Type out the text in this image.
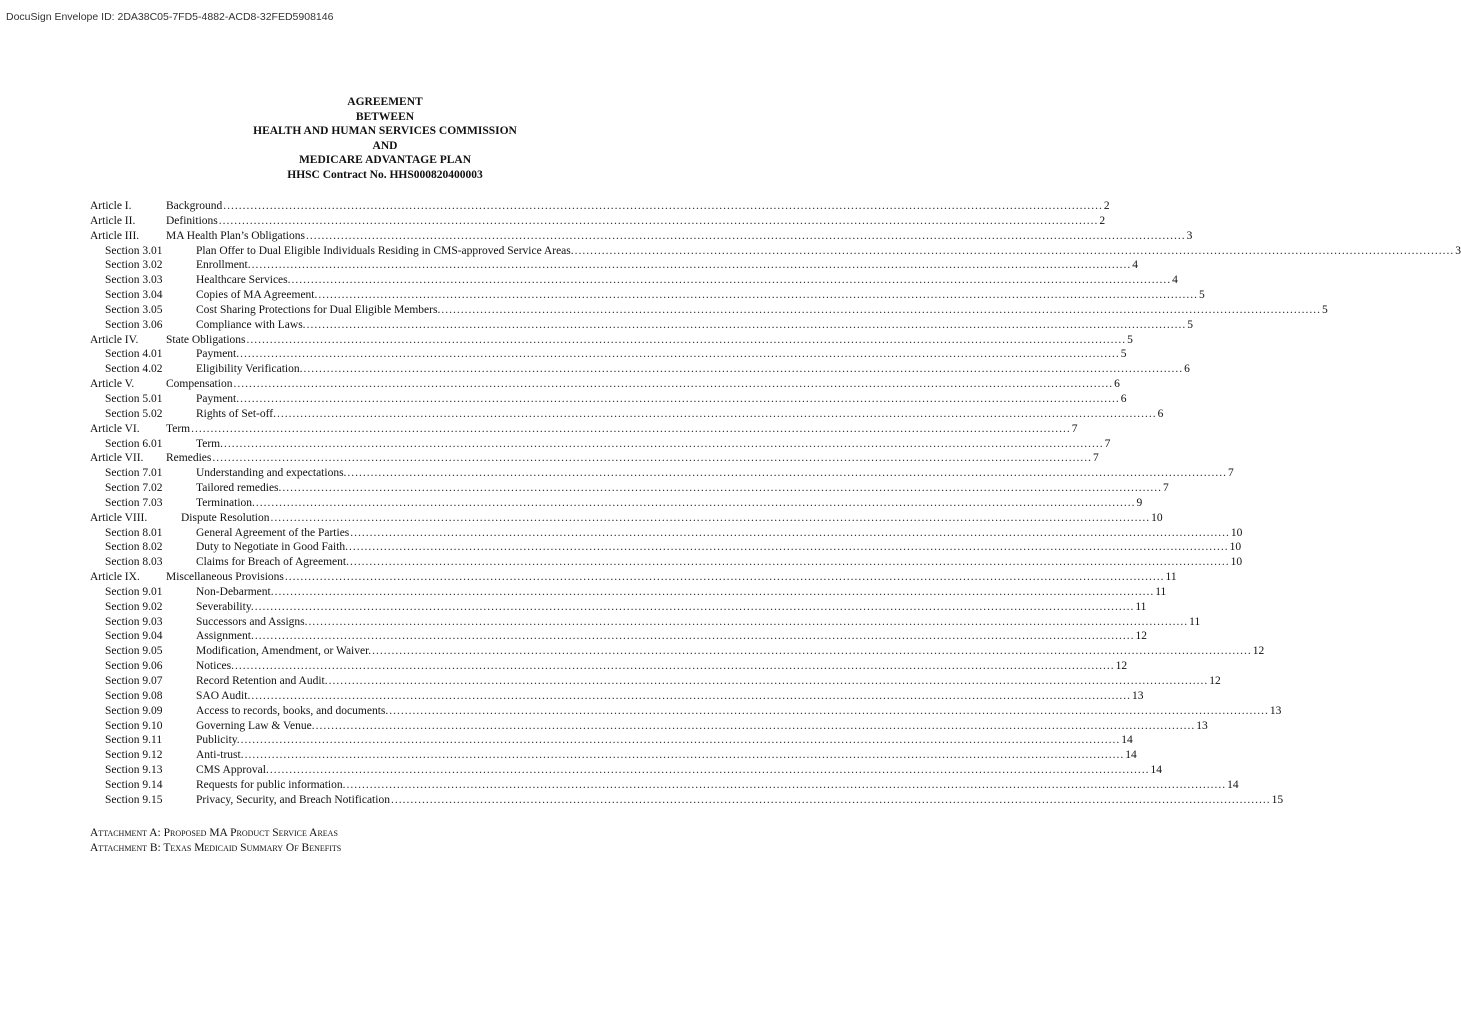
DocuSign Envelope ID: 2DA38C05-7FD5-4882-ACD8-32FED5908146
AGREEMENT
BETWEEN
HEALTH AND HUMAN SERVICES COMMISSION
AND
MEDICARE ADVANTAGE PLAN
HHSC Contract No. HHS000820400003
Article I.	Background .....	2
Article II.	Definitions .....	2
Article III.	MA Health Plan’s Obligations .....	3
Section 3.01	Plan Offer to Dual Eligible Individuals Residing in CMS-approved Service Areas. .....	3
Section 3.02	Enrollment. .....	4
Section 3.03	Healthcare Services. .....	4
Section 3.04	Copies of MA Agreement. .....	5
Section 3.05	Cost Sharing Protections for Dual Eligible Members. .....	5
Section 3.06	Compliance with Laws. .....	5
Article IV.	State Obligations .....	5
Section 4.01	Payment. .....	5
Section 4.02	Eligibility Verification. .....	6
Article V.	Compensation .....	6
Section 5.01	Payment. .....	6
Section 5.02	Rights of Set-off. .....	6
Article VI.	Term .....	7
Section 6.01	Term. .....	7
Article VII.	Remedies .....	7
Section 7.01	Understanding and expectations. .....	7
Section 7.02	Tailored remedies. .....	7
Section 7.03	Termination. .....	9
Article VIII.	Dispute Resolution .....	10
Section 8.01	General Agreement of the Parties .....	10
Section 8.02	Duty to Negotiate in Good Faith. .....	10
Section 8.03	Claims for Breach of Agreement. .....	10
Article IX.	Miscellaneous Provisions .....	11
Section 9.01	Non-Debarment. .....	11
Section 9.02	Severability. .....	11
Section 9.03	Successors and Assigns. .....	11
Section 9.04	Assignment. .....	12
Section 9.05	Modification, Amendment, or Waiver. .....	12
Section 9.06	Notices. .....	12
Section 9.07	Record Retention and Audit. .....	12
Section 9.08	SAO Audit. .....	13
Section 9.09	Access to records, books, and documents. .....	13
Section 9.10	Governing Law & Venue. .....	13
Section 9.11	Publicity. .....	14
Section 9.12	Anti-trust. .....	14
Section 9.13	CMS Approval. .....	14
Section 9.14	Requests for public information. .....	14
Section 9.15	Privacy, Security, and Breach Notification .....	15
Attachment A: Proposed MA Product Service Areas
Attachment B: Texas Medicaid Summary Of Benefits
